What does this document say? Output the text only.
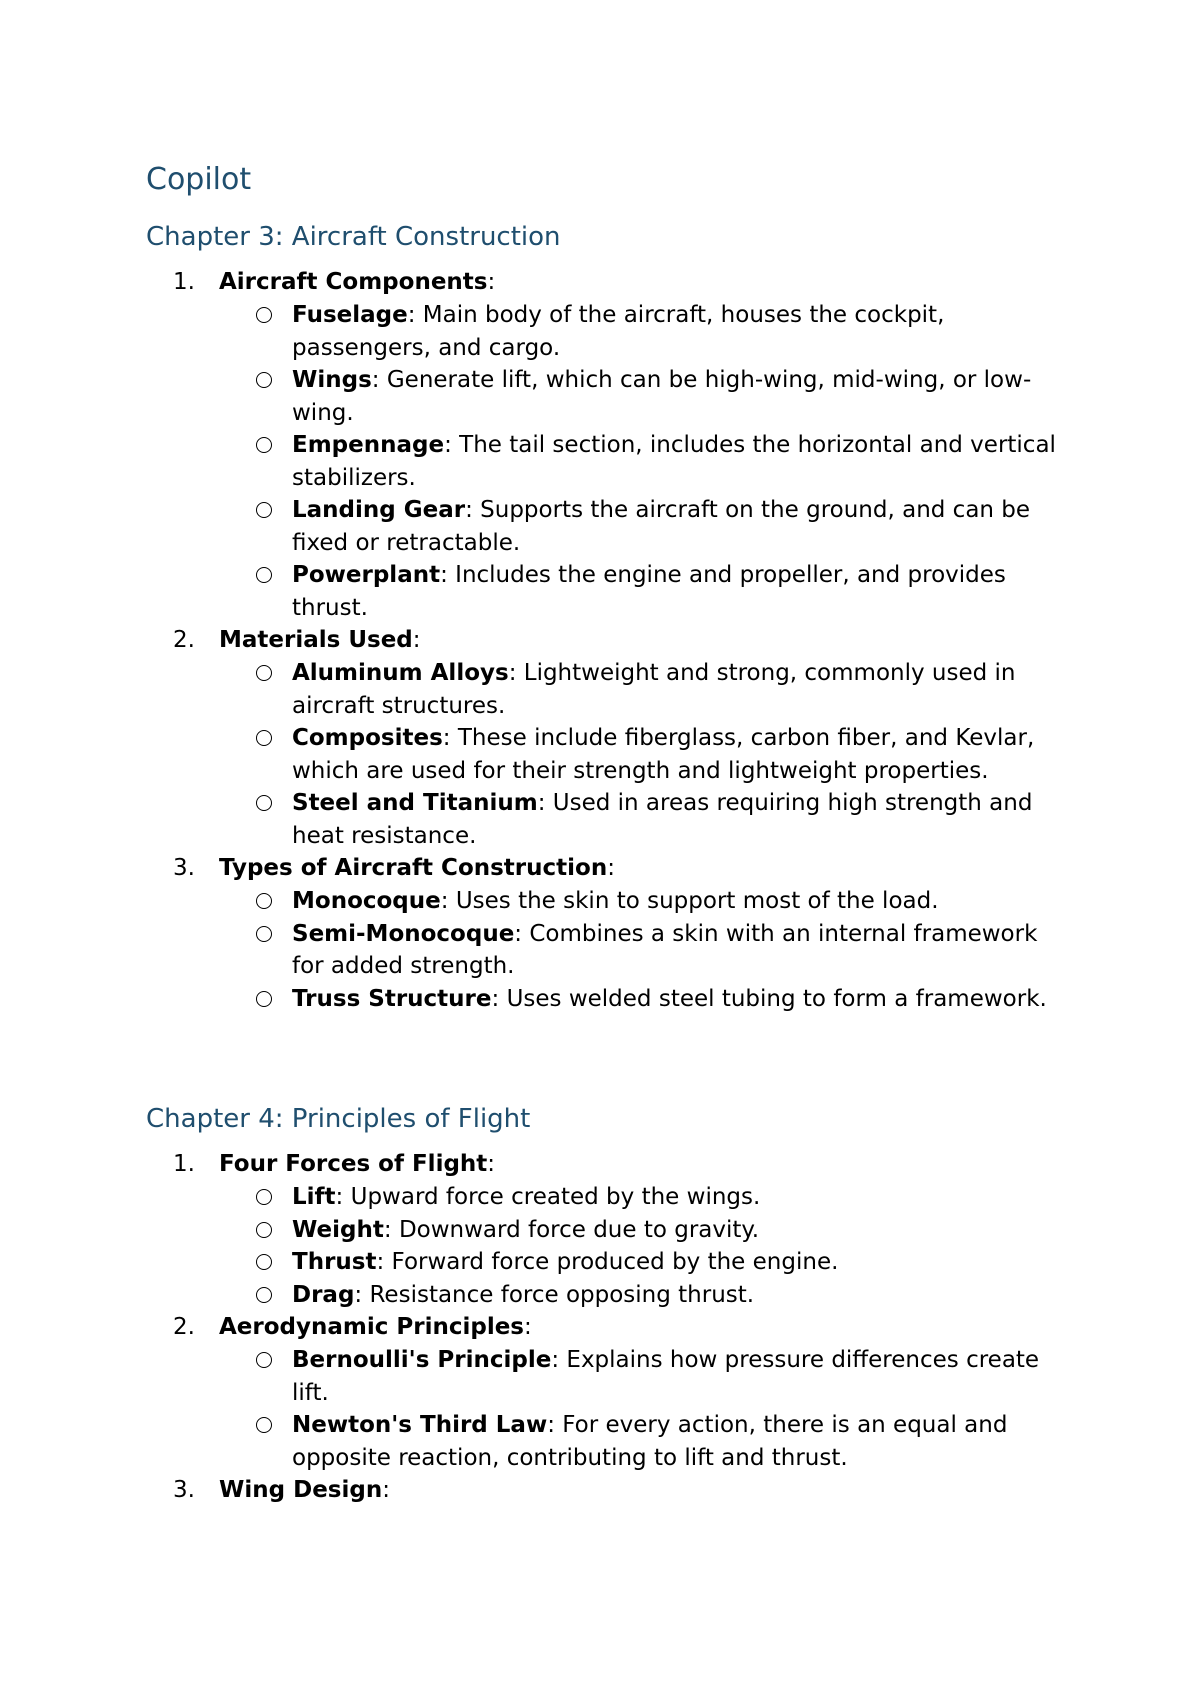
Copilot
Chapter 3: Aircraft Construction
1. Aircraft Components:
Fuselage: Main body of the aircraft, houses the cockpit, passengers, and cargo.
Wings: Generate lift, which can be high-wing, mid-wing, or low-wing.
Empennage: The tail section, includes the horizontal and vertical stabilizers.
Landing Gear: Supports the aircraft on the ground, and can be fixed or retractable.
Powerplant: Includes the engine and propeller, and provides thrust.
2. Materials Used:
Aluminum Alloys: Lightweight and strong, commonly used in aircraft structures.
Composites: These include fiberglass, carbon fiber, and Kevlar, which are used for their strength and lightweight properties.
Steel and Titanium: Used in areas requiring high strength and heat resistance.
3. Types of Aircraft Construction:
Monocoque: Uses the skin to support most of the load.
Semi-Monocoque: Combines a skin with an internal framework for added strength.
Truss Structure: Uses welded steel tubing to form a framework.
Chapter 4: Principles of Flight
1. Four Forces of Flight:
Lift: Upward force created by the wings.
Weight: Downward force due to gravity.
Thrust: Forward force produced by the engine.
Drag: Resistance force opposing thrust.
2. Aerodynamic Principles:
Bernoulli's Principle: Explains how pressure differences create lift.
Newton's Third Law: For every action, there is an equal and opposite reaction, contributing to lift and thrust.
3. Wing Design:
